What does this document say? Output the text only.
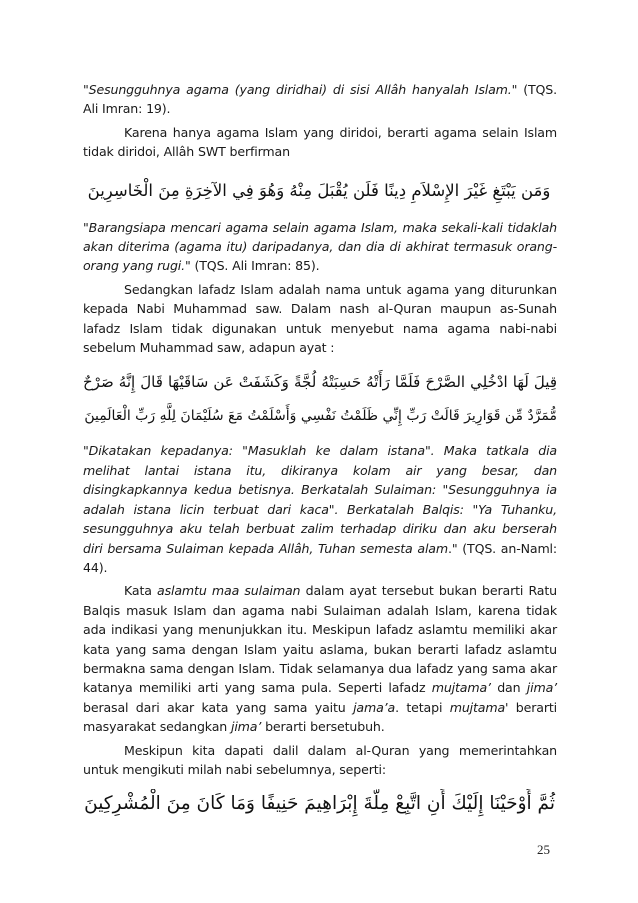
"Sesungguhnya agama (yang diridhai) di sisi Allâh hanyalah Islam." (TQS. Ali Imran: 19).

Karena hanya agama Islam yang diridoi, berarti agama selain Islam tidak diridoi, Allâh SWT berfirman

وَمَن يَبْتَغِ غَيْرَ الإِسْلاَمِ دِينًا فَلَن يُقْبَلَ مِنْهُ وَهُوَ فِي الآخِرَةِ مِنَ الْخَاسِرِينَ

"Barangsiapa mencari agama selain agama Islam, maka sekali-kali tidaklah akan diterima (agama itu) daripadanya, dan dia di akhirat termasuk orang-orang yang rugi." (TQS. Ali Imran: 85).

Sedangkan lafadz Islam adalah nama untuk agama yang diturunkan kepada Nabi Muhammad saw. Dalam nash al-Quran maupun as-Sunah lafadz Islam tidak digunakan untuk menyebut nama agama nabi-nabi sebelum Muhammad saw, adapun ayat :

قِيلَ لَهَا ادْخُلِي الصَّرْحَ فَلَمَّا رَأَتْهُ حَسِبَتْهُ لُجَّةً وَكَشَفَتْ عَن سَاقَيْهَا قَالَ إِنَّهُ صَرْحٌ

مُّمَرَّدٌ مِّن قَوَارِيرَ قَالَتْ رَبِّ إِنِّي ظَلَمْتُ نَفْسِي وَأَسْلَمْتُ مَعَ سُلَيْمَانَ لِلَّهِ رَبِّ الْعَالَمِينَ

"Dikatakan kepadanya: "Masuklah ke dalam istana". Maka tatkala dia melihat lantai istana itu, dikiranya kolam air yang besar, dan disingkapkannya kedua betisnya. Berkatalah Sulaiman: "Sesungguhnya ia adalah istana licin terbuat dari kaca". Berkatalah Balqis: "Ya Tuhanku, sesungguhnya aku telah berbuat zalim terhadap diriku dan aku berserah diri bersama Sulaiman kepada Allâh, Tuhan semesta alam." (TQS. an-Naml: 44).

Kata aslamtu maa sulaiman dalam ayat tersebut bukan berarti Ratu Balqis masuk Islam dan agama nabi Sulaiman adalah Islam, karena tidak ada indikasi yang menunjukkan itu. Meskipun lafadz aslamtu memiliki akar kata yang sama dengan Islam yaitu aslama, bukan berarti lafadz aslamtu bermakna sama dengan Islam. Tidak selamanya dua lafadz yang sama akar katanya memiliki arti yang sama pula. Seperti lafadz mujtama’ dan jima’ berasal dari akar kata yang sama yaitu jama’a. tetapi mujtama' berarti masyarakat sedangkan jima’ berarti bersetubuh.

Meskipun kita dapati dalil dalam al-Quran yang memerintahkan untuk mengikuti milah nabi sebelumnya, seperti:

ثُمَّ أَوْحَيْنَا إِلَيْكَ أَنِ اتَّبِعْ مِلَّةَ إِبْرَاهِيمَ حَنِيفًا وَمَا كَانَ مِنَ الْمُشْرِكِينَ

25
